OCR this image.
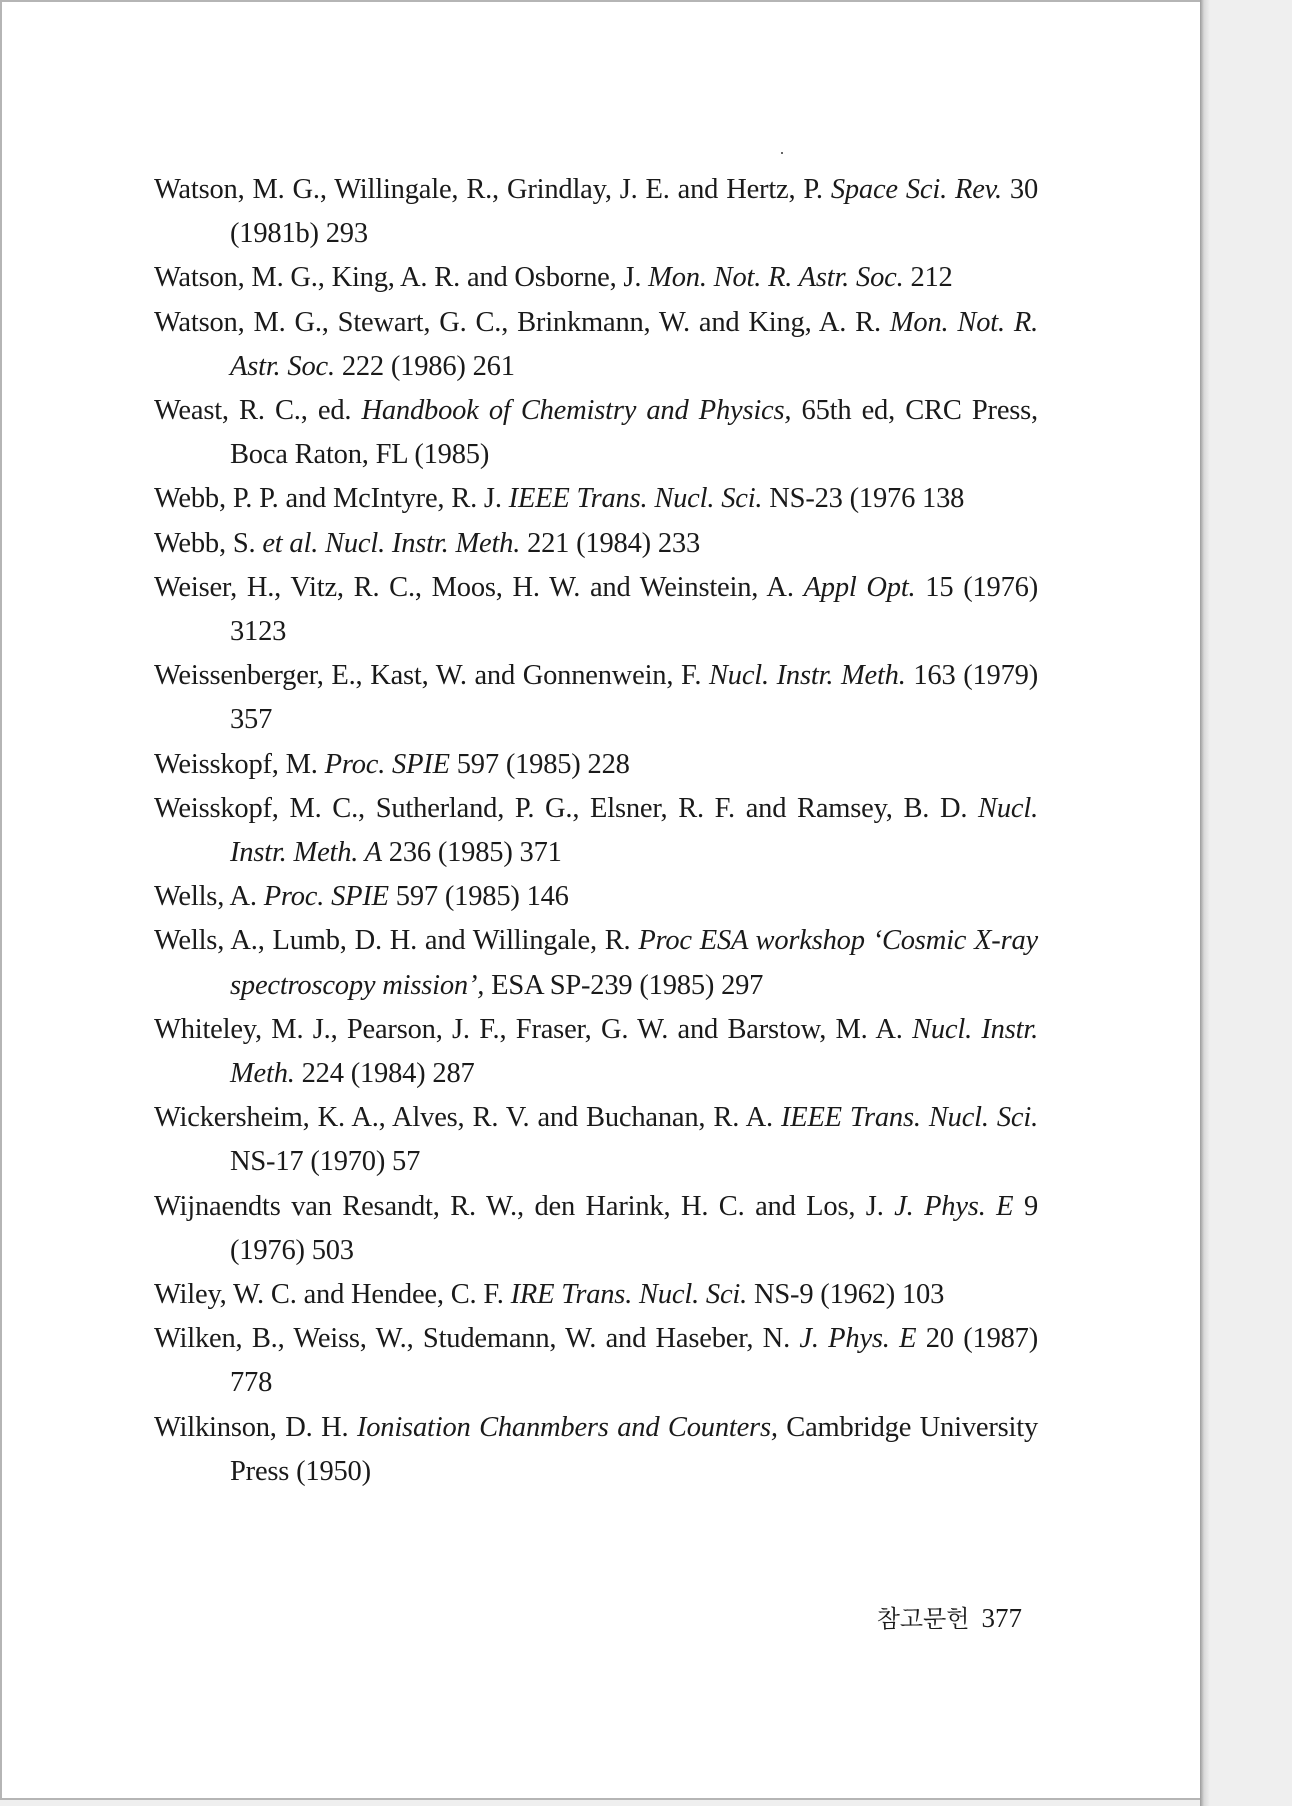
Watson, M. G., Willingale, R., Grindlay, J. E. and Hertz, P. Space Sci. Rev. 30 (1981b) 293

Watson, M. G., King, A. R. and Osborne, J. Mon. Not. R. Astr. Soc. 212

Watson, M. G., Stewart, G. C., Brinkmann, W. and King, A. R. Mon. Not. R. Astr. Soc. 222 (1986) 261

Weast, R. C., ed. Handbook of Chemistry and Physics, 65th ed, CRC Press, Boca Raton, FL (1985)

Webb, P. P. and McIntyre, R. J. IEEE Trans. Nucl. Sci. NS-23 (1976 138

Webb, S. et al. Nucl. Instr. Meth. 221 (1984) 233

Weiser, H., Vitz, R. C., Moos, H. W. and Weinstein, A. Appl Opt. 15 (1976) 3123

Weissenberger, E., Kast, W. and Gonnenwein, F. Nucl. Instr. Meth. 163 (1979) 357

Weisskopf, M. Proc. SPIE 597 (1985) 228

Weisskopf, M. C., Sutherland, P. G., Elsner, R. F. and Ramsey, B. D. Nucl. Instr. Meth. A 236 (1985) 371

Wells, A. Proc. SPIE 597 (1985) 146

Wells, A., Lumb, D. H. and Willingale, R. Proc ESA workshop ‘Cosmic X-ray spectroscopy mission’, ESA SP-239 (1985) 297

Whiteley, M. J., Pearson, J. F., Fraser, G. W. and Barstow, M. A. Nucl. Instr. Meth. 224 (1984) 287

Wickersheim, K. A., Alves, R. V. and Buchanan, R. A. IEEE Trans. Nucl. Sci. NS-17 (1970) 57

Wijnaendts van Resandt, R. W., den Harink, H. C. and Los, J. J. Phys. E 9 (1976) 503

Wiley, W. C. and Hendee, C. F. IRE Trans. Nucl. Sci. NS-9 (1962) 103

Wilken, B., Weiss, W., Studemann, W. and Haseber, N. J. Phys. E 20 (1987) 778

Wilkinson, D. H. Ionisation Chanmbers and Counters, Cambridge University Press (1950)

참고문헌 377
